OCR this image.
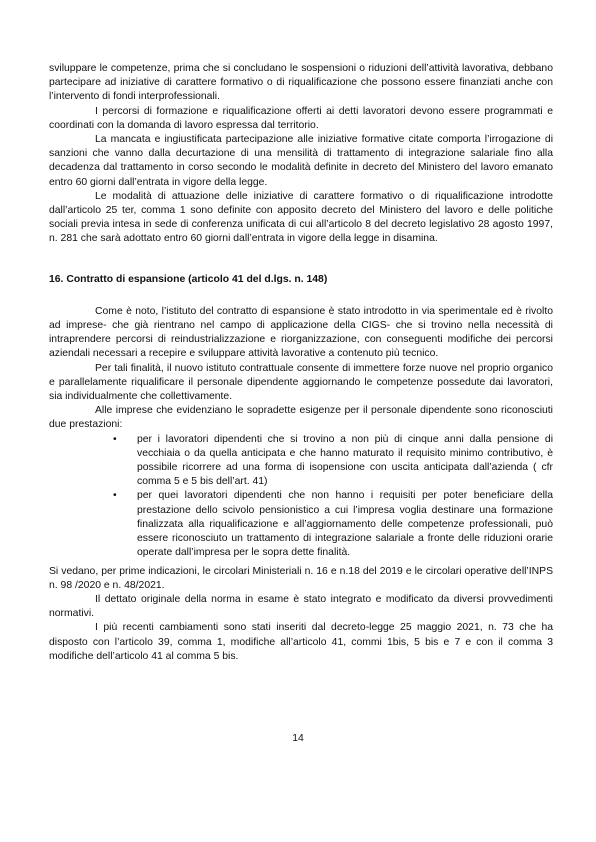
sviluppare le competenze, prima che si concludano le sospensioni o riduzioni dell’attività lavorativa, debbano partecipare ad iniziative di carattere formativo o di riqualificazione che possono essere finanziati anche con l’intervento di fondi interprofessionali.

I percorsi di formazione e riqualificazione offerti ai detti lavoratori devono essere programmati e coordinati con la domanda di lavoro espressa dal territorio.

La mancata e ingiustificata partecipazione alle iniziative formative citate comporta l’irrogazione di sanzioni che vanno dalla decurtazione di una mensilità di trattamento di integrazione salariale fino alla decadenza dal trattamento in corso secondo le modalità definite in decreto del Ministero del lavoro emanato entro 60 giorni dall’entrata in vigore della legge.

Le modalità di attuazione delle iniziative di carattere formativo o di riqualificazione introdotte dall’articolo 25 ter, comma 1 sono definite con apposito decreto del Ministero del lavoro e delle politiche sociali previa intesa in sede di conferenza unificata di cui all’articolo 8 del decreto legislativo 28 agosto 1997, n. 281 che sarà adottato entro 60 giorni dall’entrata in vigore della legge in disamina.

16. Contratto di espansione (articolo 41 del d.lgs. n. 148)

Come è noto, l’istituto del contratto di espansione è stato introdotto in via sperimentale ed è rivolto ad imprese- che già rientrano nel campo di applicazione della CIGS- che si trovino nella necessità di intraprendere percorsi di reindustrializzazione e riorganizzazione, con conseguenti modifiche dei percorsi aziendali necessari a recepire e sviluppare attività lavorative a contenuto più tecnico.

Per tali finalità, il nuovo istituto contrattuale consente di immettere forze nuove nel proprio organico e parallelamente riqualificare il personale dipendente aggiornando le competenze possedute dai lavoratori, sia individualmente che collettivamente.

Alle imprese che evidenziano le sopradette esigenze per il personale dipendente sono riconosciuti due prestazioni:

• per i lavoratori dipendenti che si trovino a non più di cinque anni dalla pensione di vecchiaia o da quella anticipata e che hanno maturato il requisito minimo contributivo, è possibile ricorrere ad una forma di isopensione con uscita anticipata dall’azienda ( cfr comma 5 e 5 bis dell’art. 41)
• per quei lavoratori dipendenti che non hanno i requisiti per poter beneficiare della prestazione dello scivolo pensionistico a cui l’impresa voglia destinare una formazione finalizzata alla riqualificazione e all’aggiornamento delle competenze professionali, può essere riconosciuto un trattamento di integrazione salariale a fronte delle riduzioni orarie operate dall’impresa per le sopra dette finalità.

Si vedano, per prime indicazioni, le circolari Ministeriali n. 16 e n.18 del 2019 e le circolari operative dell’INPS n. 98 /2020 e n. 48/2021.

Il dettato originale della norma in esame è stato integrato e modificato da diversi provvedimenti normativi.

I più recenti cambiamenti sono stati inseriti dal decreto-legge 25 maggio 2021, n. 73 che ha disposto con l’articolo 39, comma 1, modifiche all’articolo 41, commi 1bis, 5 bis e 7 e con il comma 3 modifiche dell’articolo 41 al comma 5 bis.

14
